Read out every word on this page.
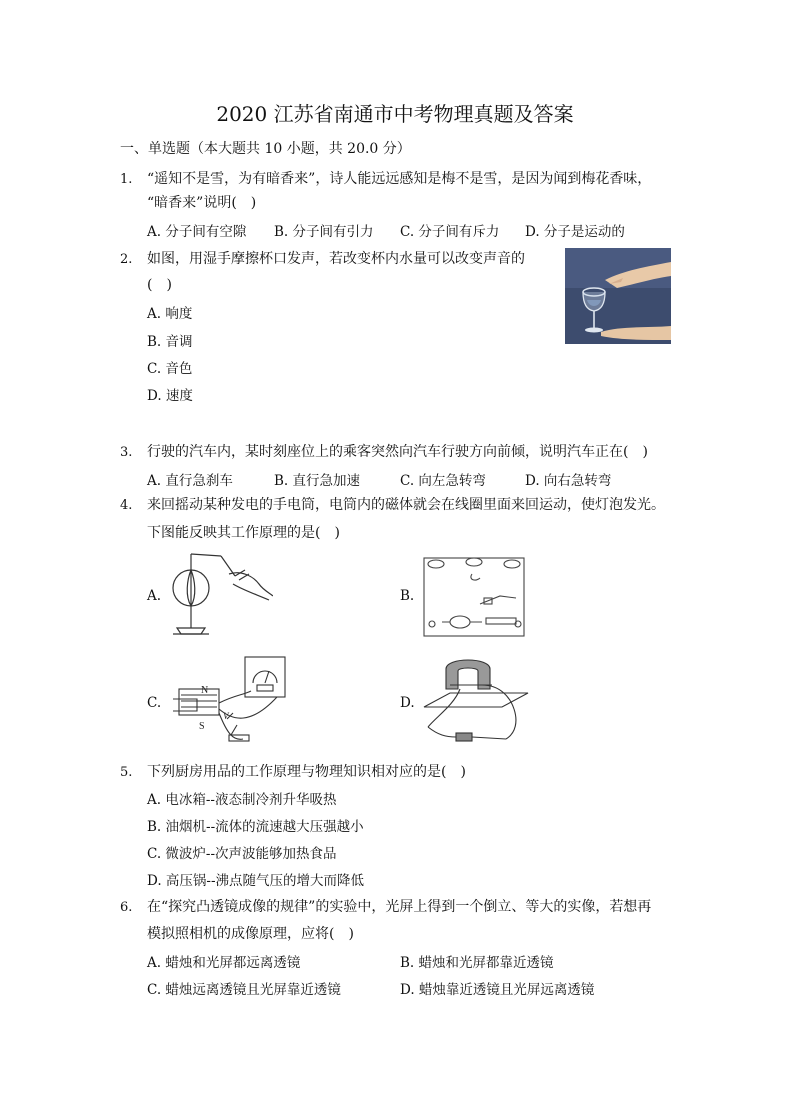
2020 江苏省南通市中考物理真题及答案
一、单选题（本大题共 10 小题，共 20.0 分）
1. “遥知不是雪，为有暗香来”，诗人能远远感知是梅不是雪，是因为闻到梅花香味，
“暗香来”说明(　)
A. 分子间有空隙 B. 分子间有引力 C. 分子间有斥力 D. 分子是运动的
2. 如图，用湿手摩擦杯口发声，若改变杯内水量可以改变声音的
(　)
A. 响度
B. 音调
C. 音色
D. 速度
3. 行驶的汽车内，某时刻座位上的乘客突然向汽车行驶方向前倾，说明汽车正在(　)
A. 直行急刹车	B. 直行急加速	C. 向左急转弯	D. 向右急转弯
4. 来回摇动某种发电的手电筒，电筒内的磁体就会在线圈里面来回运动，使灯泡发光。
下图能反映其工作原理的是(　)
A.	B.
C.	D.
N
S
V
5. 下列厨房用品的工作原理与物理知识相对应的是(　)
A. 电冰箱--液态制冷剂升华吸热
B. 油烟机--流体的流速越大压强越小
C. 微波炉--次声波能够加热食品
D. 高压锅--沸点随气压的增大而降低
6. 在“探究凸透镜成像的规律”的实验中，光屏上得到一个倒立、等大的实像，若想再
模拟照相机的成像原理，应将(　)
A. 蜡烛和光屏都远离透镜	B. 蜡烛和光屏都靠近透镜
C. 蜡烛远离透镜且光屏靠近透镜	D. 蜡烛靠近透镜且光屏远离透镜
